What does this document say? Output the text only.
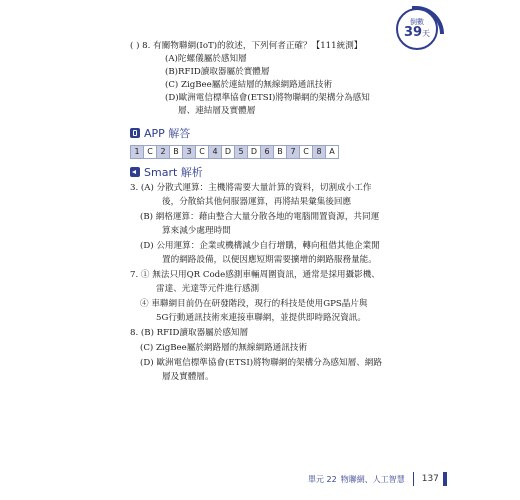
倒數
39天
( ) 8. 有關物聯網(IoT)的敘述，下列何者正確？【111統測】
(A)陀螺儀屬於感知層
(B)RFID讀取器屬於實體層
(C) ZigBee屬於連結層的無線網路通訊技術
(D)歐洲電信標準協會(ETSI)將物聯網的架構分為感知
層、連結層及實體層
APP 解答
1 C 2 B 3 C 4 D 5 D 6 B 7 C 8 A
Smart 解析
3. (A) 分散式運算：主機將需要大量計算的資料，切割成小工作
後，分散給其他伺服器運算，再將結果彙集後回應
(B) 網格運算：藉由整合大量分散各地的電腦閒置資源，共同運
算來減少處理時間
(D) 公用運算：企業或機構減少自行增購，轉向租借其他企業閒
置的網路設備，以便因應短期需要擴增的網路服務量能。
7. ① 無法只用QR Code感測車輛周圍資訊，通常是採用攝影機、
雷達、光達等元件進行感測
④ 車聯網目前仍在研發階段，現行的科技是使用GPS晶片與
5G行動通訊技術來連接車聯網，並提供即時路況資訊。
8. (B) RFID讀取器屬於感知層
(C) ZigBee屬於網路層的無線網路通訊技術
(D) 歐洲電信標準協會(ETSI)將物聯網的架構分為感知層、網路
層及實體層。
單元 22 物聯網、人工智慧 137
